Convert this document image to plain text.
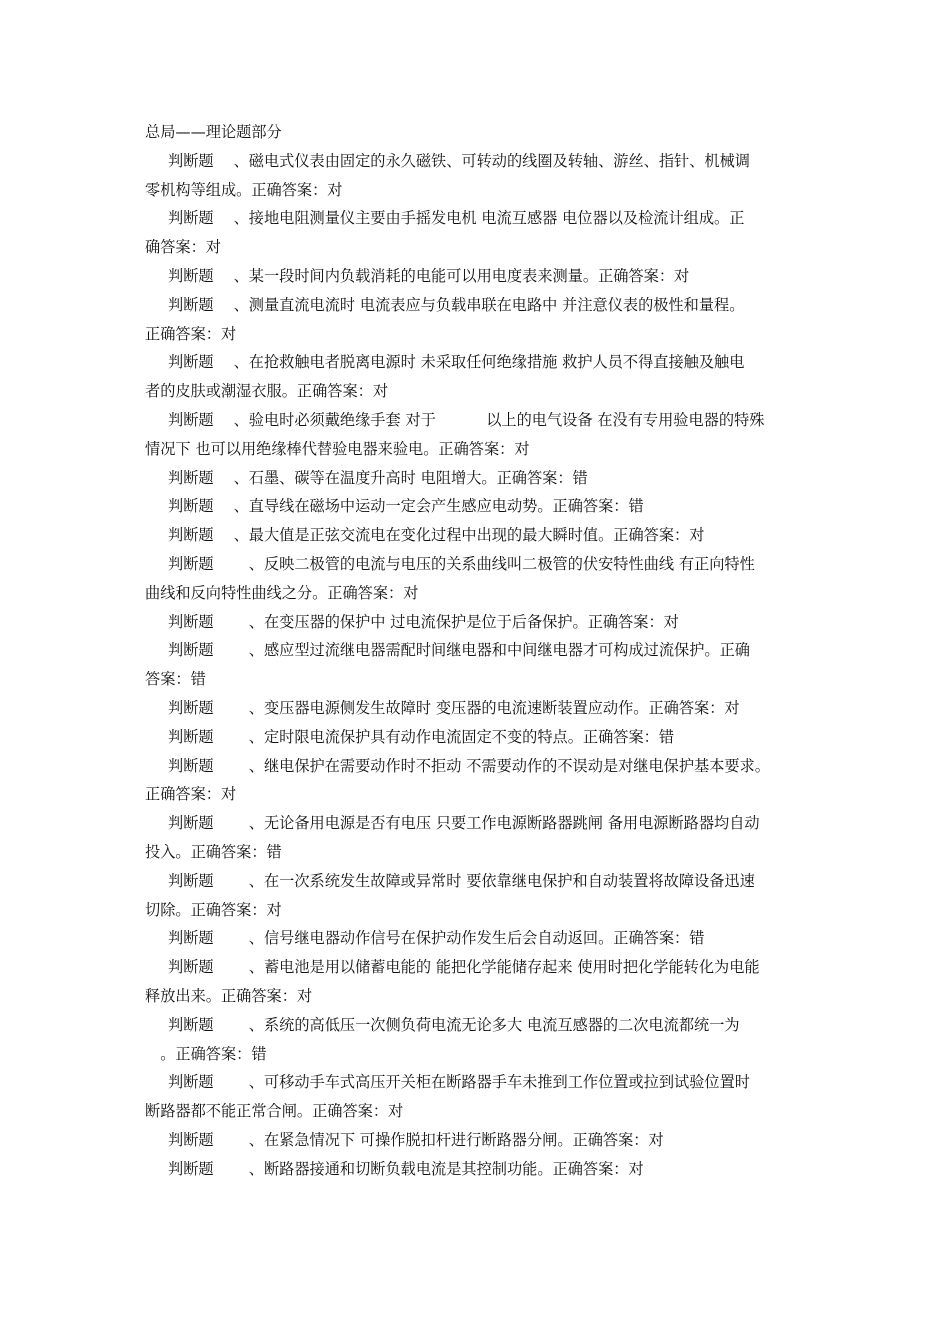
总局——理论题部分
判断题　 、磁电式仪表由固定的永久磁铁、可转动的线圈及转轴、游丝、指针、机械调
零机构等组成。正确答案：对
判断题　 、接地电阻测量仪主要由手摇发电机 电流互感器 电位器以及检流计组成。正
确答案：对
判断题　 、某一段时间内负载消耗的电能可以用电度表来测量。正确答案：对
判断题　 、测量直流电流时 电流表应与负载串联在电路中 并注意仪表的极性和量程。
正确答案：对
判断题　 、在抢救触电者脱离电源时 未采取任何绝缘措施 救护人员不得直接触及触电
者的皮肤或潮湿衣服。正确答案：对
判断题　 、验电时必须戴绝缘手套 对于　　　 以上的电气设备 在没有专用验电器的特殊
情况下 也可以用绝缘棒代替验电器来验电。正确答案：对
判断题　 、石墨、碳等在温度升高时 电阻增大。正确答案：错
判断题　 、直导线在磁场中运动一定会产生感应电动势。正确答案：错
判断题　 、最大值是正弦交流电在变化过程中出现的最大瞬时值。正确答案：对
判断题　　 、反映二极管的电流与电压的关系曲线叫二极管的伏安特性曲线 有正向特性
曲线和反向特性曲线之分。正确答案：对
判断题　　 、在变压器的保护中 过电流保护是位于后备保护。正确答案：对
判断题　　 、感应型过流继电器需配时间继电器和中间继电器才可构成过流保护。正确
答案：错
判断题　　 、变压器电源侧发生故障时 变压器的电流速断装置应动作。正确答案：对
判断题　　 、定时限电流保护具有动作电流固定不变的特点。正确答案：错
判断题　　 、继电保护在需要动作时不拒动 不需要动作的不误动是对继电保护基本要求。
正确答案：对
判断题　　 、无论备用电源是否有电压 只要工作电源断路器跳闸 备用电源断路器均自动
投入。正确答案：错
判断题　　 、在一次系统发生故障或异常时 要依靠继电保护和自动装置将故障设备迅速
切除。正确答案：对
判断题　　 、信号继电器动作信号在保护动作发生后会自动返回。正确答案：错
判断题　　 、蓄电池是用以储蓄电能的 能把化学能储存起来 使用时把化学能转化为电能
释放出来。正确答案：对
判断题　　 、系统的高低压一次侧负荷电流无论多大 电流互感器的二次电流都统一为
　。正确答案：错
判断题　　 、可移动手车式高压开关柜在断路器手车未推到工作位置或拉到试验位置时
断路器都不能正常合闸。正确答案：对
判断题　　 、在紧急情况下 可操作脱扣杆进行断路器分闸。正确答案：对
判断题　　 、断路器接通和切断负载电流是其控制功能。正确答案：对
